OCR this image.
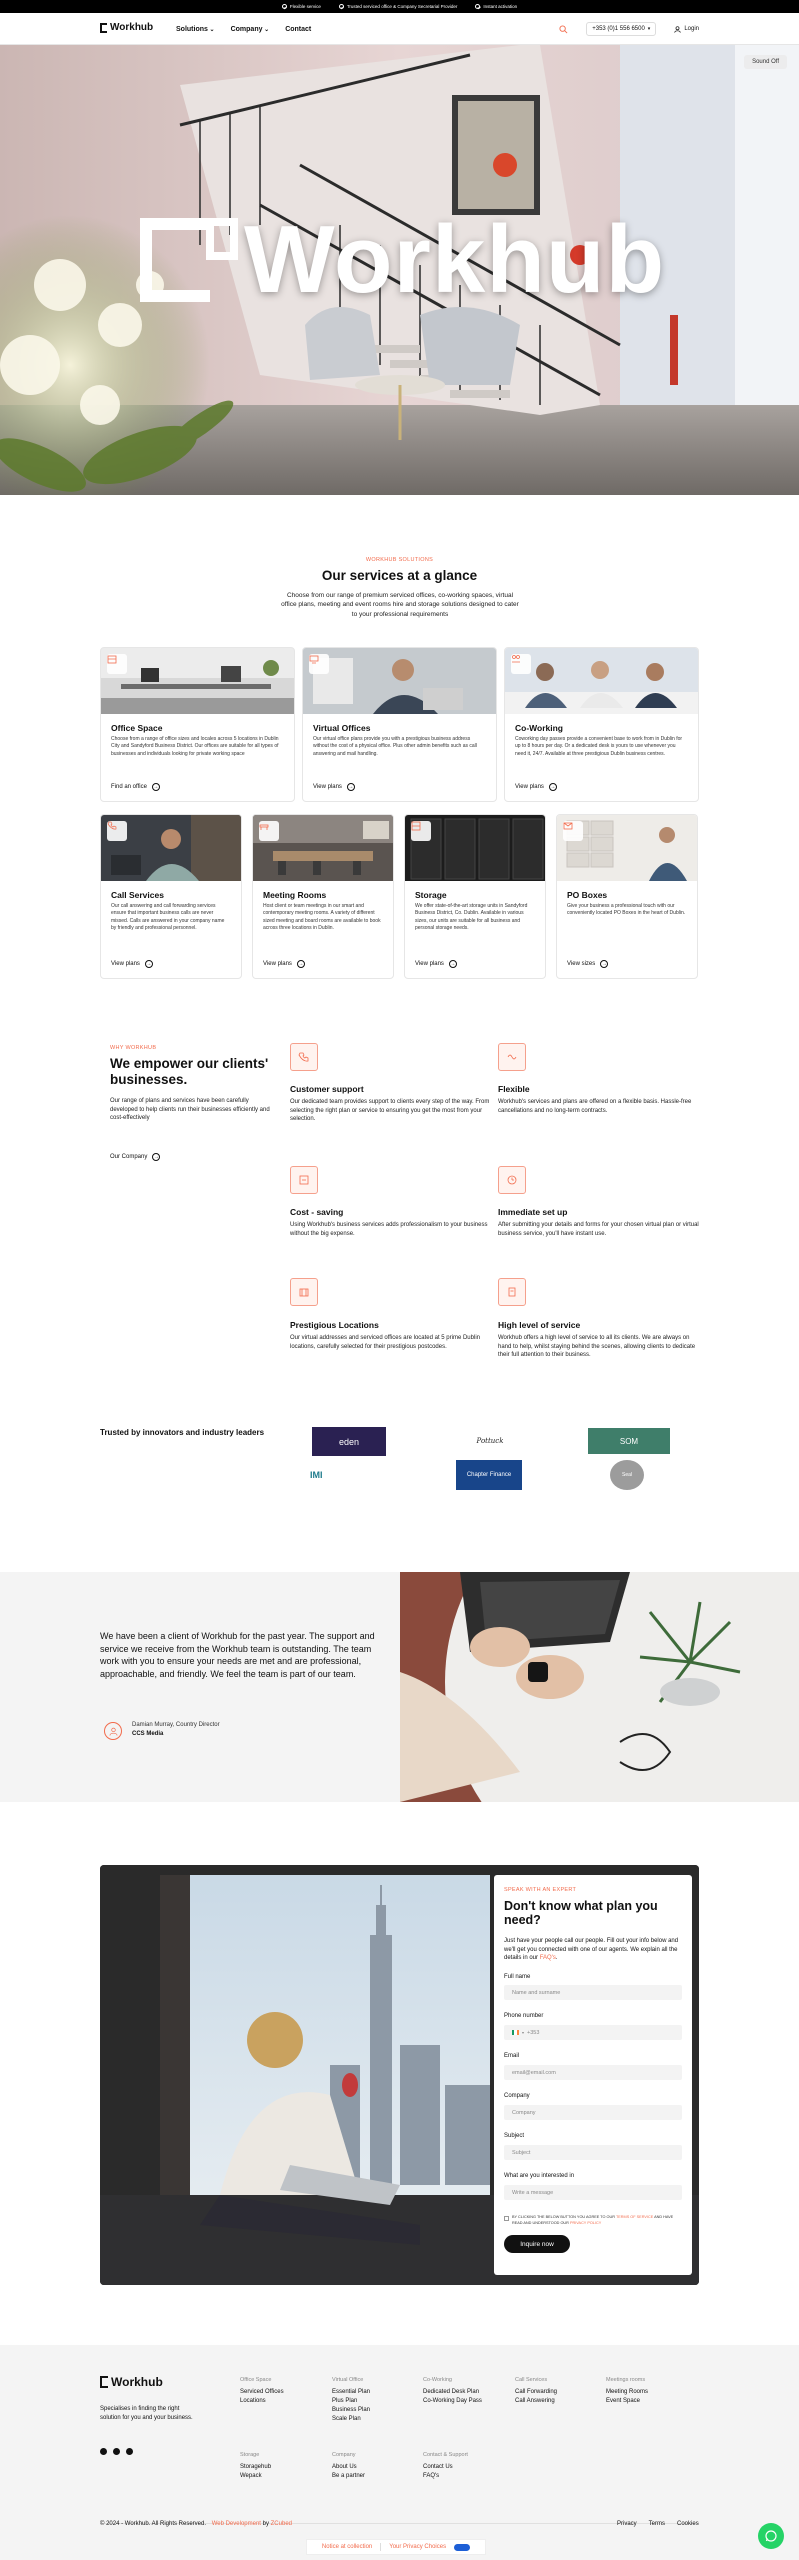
Flexible service	Trusted serviced office & Company Secretarial Provider	Instant activation
Workhub	Solutions ⌄	Company ⌄	Contact	+353 (0)1 556 6500 ▾	Login
Sound Off
Workhub
WORKHUB SOLUTIONS
Our services at a glance
Choose from our range of premium serviced offices, co-working spaces, virtual office plans, meeting and event rooms hire and storage solutions designed to cater to your professional requirements
Office Space
Choose from a range of office sizes and locales across 5 locations in Dublin City and Sandyford Business District. Our offices are suitable for all types of businesses and individuals looking for private working space
Find an office	→
Virtual Offices
Our virtual office plans provide you with a prestigious business address without the cost of a physical office. Plus other admin benefits such as call answering and mail handling.
View plans	→
Co-Working
Coworking day passes provide a convenient base to work from in Dublin for up to 8 hours per day. Or a dedicated desk is yours to use whenever you need it, 24/7. Available at three prestigious Dublin business centres.
View plans	→
Call Services
Our call answering and call forwarding services ensure that important business calls are never missed. Calls are answered in your company name by friendly and professional personnel.
View plans	→
Meeting Rooms
Host client or team meetings in our smart and contemporary meeting rooms. A variety of different sized meeting and board rooms are available to book across three locations in Dublin.
View plans	→
Storage
We offer state-of-the-art storage units in Sandyford Business District, Co. Dublin. Available in various sizes, our units are suitable for all business and personal storage needs.
View plans	→
PO Boxes
Give your business a professional touch with our conveniently located PO Boxes in the heart of Dublin.
View sizes	→
WHY WORKHUB
We empower our clients' businesses.
Our range of plans and services have been carefully developed to help clients run their businesses efficiently and cost-effectively
Our Company	→
Customer support
Our dedicated team provides support to clients every step of the way. From selecting the right plan or service to ensuring you get the most from your selection.
Flexible
Workhub's services and plans are offered on a flexible basis. Hassle-free cancellations and no long-term contracts.
Cost - saving
Using Workhub's business services adds professionalism to your business without the big expense.
Immediate set up
After submitting your details and forms for your chosen virtual plan or virtual business service, you'll have instant use.
Prestigious Locations
Our virtual addresses and serviced offices are located at 5 prime Dublin locations, carefully selected for their prestigious postcodes.
High level of service
Workhub offers a high level of service to all its clients. We are always on hand to help, whilst staying behind the scenes, allowing clients to dedicate their full attention to their business.
Trusted by innovators and industry leaders
eden	Pottuck	SOM
IMI	Chapter Finance	Seal
We have been a client of Workhub for the past year. The support and service we receive from the Workhub team is outstanding. The team work with you to ensure your needs are met and are professional, approachable, and friendly. We feel the team is part of our team.
Damian Murray, Country Director
CCS Media
SPEAK WITH AN EXPERT
Don't know what plan you need?
Just have your people call our people. Fill out your info below and we'll get you connected with one of our agents. We explain all the details in our FAQ's.
Full name
Name and surname
Phone number
▾ +353
Email
email@email.com
Company
Company
Subject
Subject
What are you interested in
Write a message
BY CLICKING THE BELOW BUTTON YOU AGREE TO OUR TERMS OF SERVICE AND HAVE READ AND UNDERSTOOD OUR PRIVACY POLICY
Inquire now
Workhub
Specialises in finding the right solution for you and your business.
Office Space
Serviced Offices
Locations
Virtual Office
Essential Plan
Plus Plan
Business Plan
Scale Plan
Co-Working
Dedicated Desk Plan
Co-Working Day Pass
Call Services
Call Forwarding
Call Answering
Meetings rooms
Meeting Rooms
Event Space
Storage
Storagehub
Wepack
Company
About Us
Be a partner
Contact & Support
Contact Us
FAQ's
© 2024 - Workhub. All Rights Reserved. Web Development by ZCubed	Privacy Terms Cookies
Notice at collection	Your Privacy Choices
